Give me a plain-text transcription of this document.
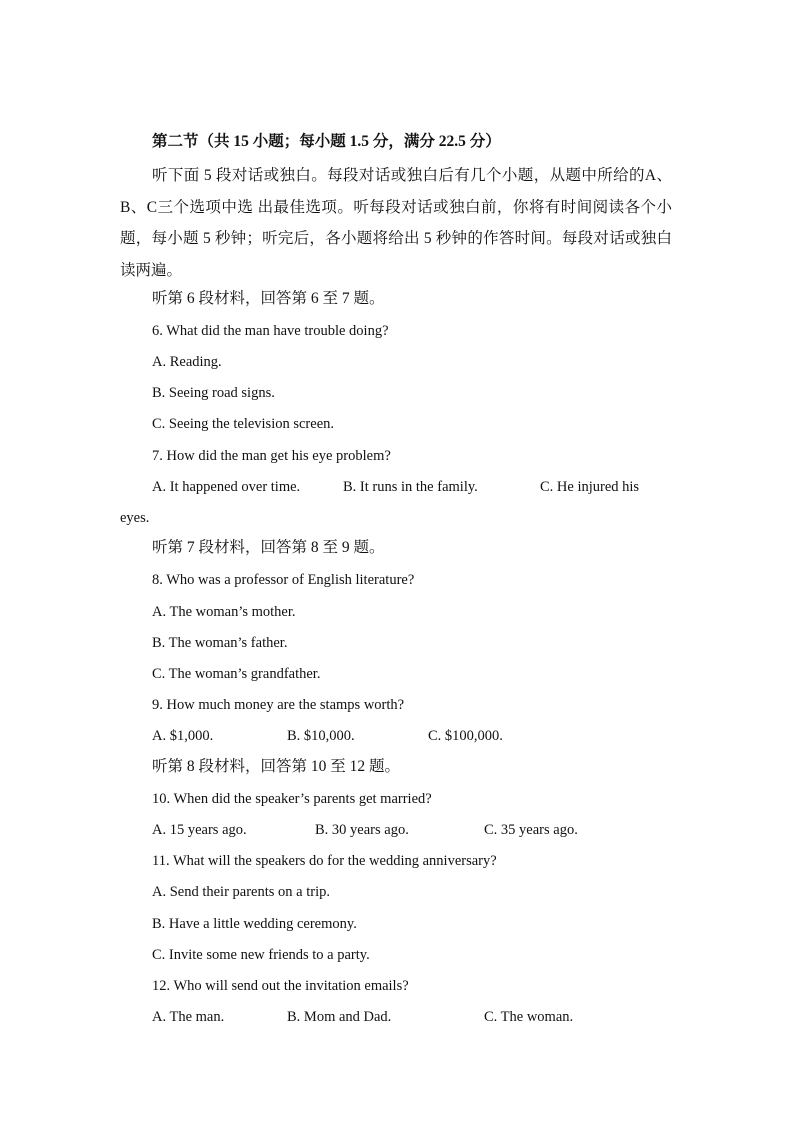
第二节（共 15 小题；每小题 1.5 分，满分 22.5 分）
听下面 5 段对话或独白。每段对话或独白后有几个小题，从题中所给的A、B、C三个选项中选 出最佳选项。听每段对话或独白前，你将有时间阅读各个小题，每小题 5 秒钟；听完后，各小题将给出 5 秒钟的作答时间。每段对话或独白读两遍。
听第 6 段材料，回答第 6 至 7 题。
6. What did the man have trouble doing?
A. Reading.
B. Seeing road signs.
C. Seeing the television screen.
7. How did the man get his eye problem?
A. It happened over time.	B. It runs in the family.	C. He injured his
eyes.
听第 7 段材料，回答第 8 至 9 题。
8. Who was a professor of English literature?
A. The woman’s mother.
B. The woman’s father.
C. The woman’s grandfather.
9. How much money are the stamps worth?
A. $1,000.	B. $10,000.	C. $100,000.
听第 8 段材料，回答第 10 至 12 题。
10. When did the speaker’s parents get married?
A. 15 years ago.	B. 30 years ago.	C. 35 years ago.
11. What will the speakers do for the wedding anniversary?
A. Send their parents on a trip.
B. Have a little wedding ceremony.
C. Invite some new friends to a party.
12. Who will send out the invitation emails?
A. The man.	B. Mom and Dad.	C. The woman.
